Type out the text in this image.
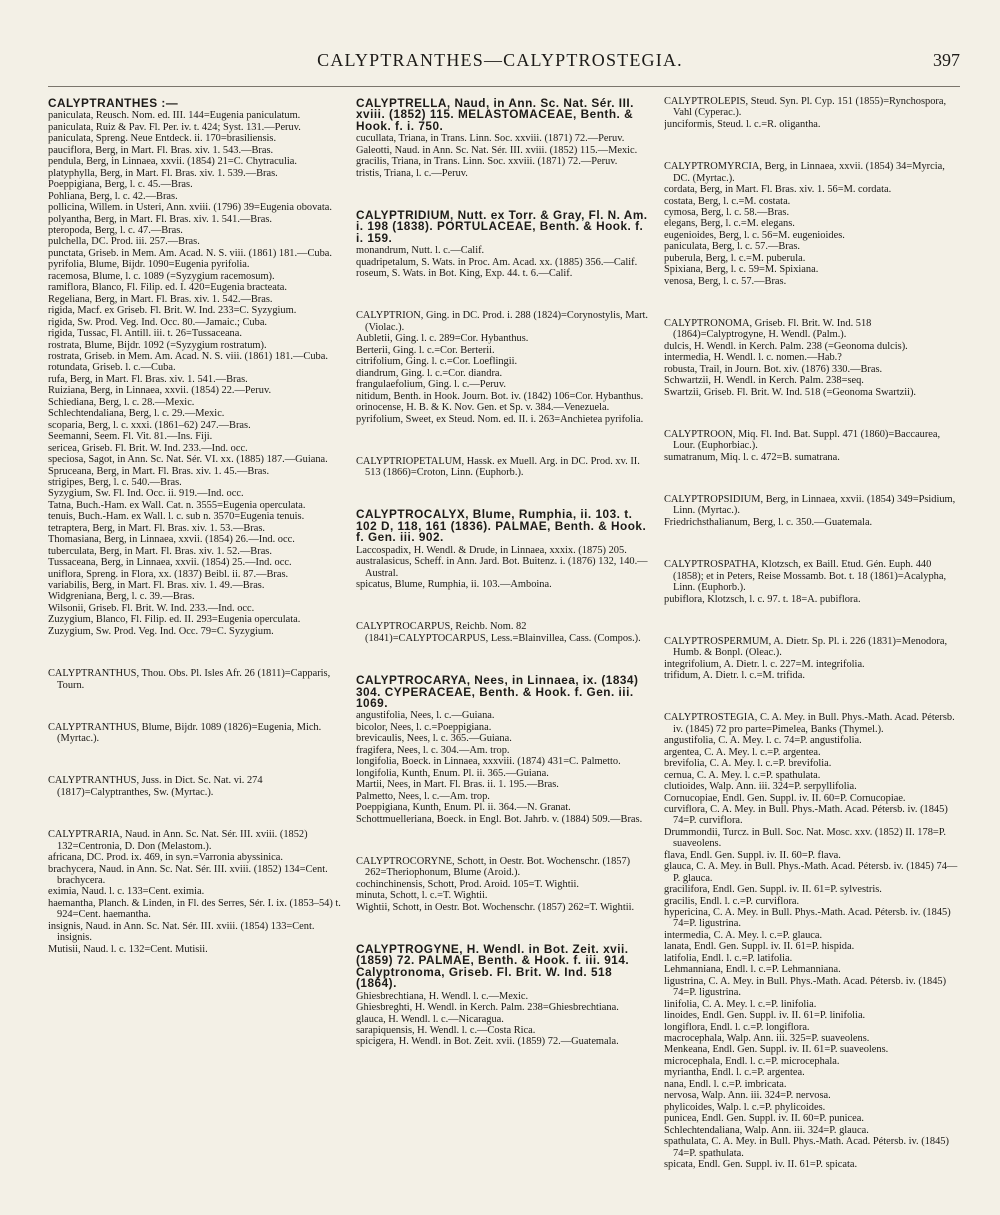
CALYPTRANTHES—CALYPTROSTEGIA.	397

CALYPTRANTHES :—

paniculata, Reusch. Nom. ed. III. 144=Eugenia paniculatum.

paniculata, Ruiz & Pav. Fl. Per. iv. t. 424; Syst. 131.—Peruv.

paniculata, Spreng. Neue Entdeck. ii. 170=brasiliensis.

pauciflora, Berg, in Mart. Fl. Bras. xiv. 1. 543.—Bras.

pendula, Berg, in Linnaea, xxvii. (1854) 21=C. Chytraculia.

platyphylla, Berg, in Mart. Fl. Bras. xiv. 1. 539.—Bras.

Poeppigiana, Berg, l. c. 45.—Bras.

Pohliana, Berg, l. c. 42.—Bras.

pollicina, Willem. in Usteri, Ann. xviii. (1796) 39=Eugenia obovata.

polyantha, Berg, in Mart. Fl. Bras. xiv. 1. 541.—Bras.

pteropoda, Berg, l. c. 47.—Bras.

pulchella, DC. Prod. iii. 257.—Bras.

punctata, Griseb. in Mem. Am. Acad. N. S. viii. (1861) 181.—Cuba.

pyrifolia, Blume, Bijdr. 1090=Eugenia pyrifolia.

racemosa, Blume, l. c. 1089 (=Syzygium racemosum).

ramiflora, Blanco, Fl. Filip. ed. I. 420=Eugenia bracteata.

Regeliana, Berg, in Mart. Fl. Bras. xiv. 1. 542.—Bras.

rigida, Macf. ex Griseb. Fl. Brit. W. Ind. 233=C. Syzygium.

rigida, Sw. Prod. Veg. Ind. Occ. 80.—Jamaic.; Cuba.

rigida, Tussac, Fl. Antill. iii. t. 26=Tussaceana.

rostrata, Blume, Bijdr. 1092 (=Syzygium rostratum).

rostrata, Griseb. in Mem. Am. Acad. N. S. viii. (1861) 181.—Cuba.

rotundata, Griseb. l. c.—Cuba.

rufa, Berg, in Mart. Fl. Bras. xiv. 1. 541.—Bras.

Ruiziana, Berg, in Linnaea, xxvii. (1854) 22.—Peruv.

Schiediana, Berg, l. c. 28.—Mexic.

Schlechtendaliana, Berg, l. c. 29.—Mexic.

scoparia, Berg, l. c. xxxi. (1861–62) 247.—Bras.

Seemanni, Seem. Fl. Vit. 81.—Ins. Fiji.

sericea, Griseb. Fl. Brit. W. Ind. 233.—Ind. occ.

speciosa, Sagot, in Ann. Sc. Nat. Sér. VI. xx. (1885) 187.—Guiana.

Spruceana, Berg, in Mart. Fl. Bras. xiv. 1. 45.—Bras.

strigipes, Berg, l. c. 540.—Bras.

Syzygium, Sw. Fl. Ind. Occ. ii. 919.—Ind. occ.

Tatna, Buch.-Ham. ex Wall. Cat. n. 3555=Eugenia operculata.

tenuis, Buch.-Ham. ex Wall. l. c. sub n. 3570=Eugenia tenuis.

tetraptera, Berg, in Mart. Fl. Bras. xiv. 1. 53.—Bras.

Thomasiana, Berg, in Linnaea, xxvii. (1854) 26.—Ind. occ.

tuberculata, Berg, in Mart. Fl. Bras. xiv. 1. 52.—Bras.

Tussaceana, Berg, in Linnaea, xxvii. (1854) 25.—Ind. occ.

uniflora, Spreng. in Flora, xx. (1837) Beibl. ii. 87.—Bras.

variabilis, Berg, in Mart. Fl. Bras. xiv. 1. 49.—Bras.

Widgreniana, Berg, l. c. 39.—Bras.

Wilsonii, Griseb. Fl. Brit. W. Ind. 233.—Ind. occ.

Zuzygium, Blanco, Fl. Filip. ed. II. 293=Eugenia operculata.

Zuzygium, Sw. Prod. Veg. Ind. Occ. 79=C. Syzygium.

CALYPTRANTHUS, Thou. Obs. Pl. Isles Afr. 26 (1811)=Capparis, Tourn.

CALYPTRANTHUS, Blume, Bijdr. 1089 (1826)=Eugenia, Mich. (Myrtac.).

CALYPTRANTHUS, Juss. in Dict. Sc. Nat. vi. 274 (1817)=Calyptranthes, Sw. (Myrtac.).

CALYPTRARIA, Naud. in Ann. Sc. Nat. Sér. III. xviii. (1852) 132=Centronia, D. Don (Melastom.).

africana, DC. Prod. ix. 469, in syn.=Varronia abyssinica.

brachycera, Naud. in Ann. Sc. Nat. Sér. III. xviii. (1852) 134=Cent. brachycera.

eximia, Naud. l. c. 133=Cent. eximia.

haemantha, Planch. & Linden, in Fl. des Serres, Sér. I. ix. (1853–54) t. 924=Cent. haemantha.

insignis, Naud. in Ann. Sc. Nat. Sér. III. xviii. (1854) 133=Cent. insignis.

Mutisii, Naud. l. c. 132=Cent. Mutisii.

CALYPTRELLA, Naud, in Ann. Sc. Nat. Sér. III. xviii. (1852) 115. MELASTOMACEAE, Benth. & Hook. f. i. 750.

cucullata, Triana, in Trans. Linn. Soc. xxviii. (1871) 72.—Peruv.

Galeotti, Naud. in Ann. Sc. Nat. Sér. III. xviii. (1852) 115.—Mexic.

gracilis, Triana, in Trans. Linn. Soc. xxviii. (1871) 72.—Peruv.

tristis, Triana, l. c.—Peruv.

CALYPTRIDIUM, Nutt. ex Torr. & Gray, Fl. N. Am. i. 198 (1838). PORTULACEAE, Benth. & Hook. f. i. 159.

monandrum, Nutt. l. c.—Calif.

quadripetalum, S. Wats. in Proc. Am. Acad. xx. (1885) 356.—Calif.

roseum, S. Wats. in Bot. King, Exp. 44. t. 6.—Calif.

CALYPTRION, Ging. in DC. Prod. i. 288 (1824)=Corynostylis, Mart. (Violac.).

Aubletii, Ging. l. c. 289=Cor. Hybanthus.

Berterii, Ging. l. c.=Cor. Berterii.

citrifolium, Ging. l. c.=Cor. Loeflingii.

diandrum, Ging. l. c.=Cor. diandra.

frangulaefolium, Ging. l. c.—Peruv.

nitidum, Benth. in Hook. Journ. Bot. iv. (1842) 106=Cor. Hybanthus.

orinocense, H. B. & K. Nov. Gen. et Sp. v. 384.—Venezuela.

pyrifolium, Sweet, ex Steud. Nom. ed. II. i. 263=Anchietea pyrifolia.

CALYPTRIOPETALUM, Hassk. ex Muell. Arg. in DC. Prod. xv. II. 513 (1866)=Croton, Linn. (Euphorb.).

CALYPTROCALYX, Blume, Rumphia, ii. 103. t. 102 D, 118, 161 (1836). PALMAE, Benth. & Hook. f. Gen. iii. 902.

Laccospadix, H. Wendl. & Drude, in Linnaea, xxxix. (1875) 205.

australasicus, Scheff. in Ann. Jard. Bot. Buitenz. i. (1876) 132, 140.—Austral.

spicatus, Blume, Rumphia, ii. 103.—Amboina.

CALYPTROCARPUS, Reichb. Nom. 82 (1841)=CALYPTOCARPUS, Less.=Blainvillea, Cass. (Compos.).

CALYPTROCARYA, Nees, in Linnaea, ix. (1834) 304. CYPERACEAE, Benth. & Hook. f. Gen. iii. 1069.

angustifolia, Nees, l. c.—Guiana.

bicolor, Nees, l. c.=Poeppigiana.

brevicaulis, Nees, l. c. 365.—Guiana.

fragifera, Nees, l. c. 304.—Am. trop.

longifolia, Boeck. in Linnaea, xxxviii. (1874) 431=C. Palmetto.

longifolia, Kunth, Enum. Pl. ii. 365.—Guiana.

Martii, Nees, in Mart. Fl. Bras. ii. 1. 195.—Bras.

Palmetto, Nees, l. c.—Am. trop.

Poeppigiana, Kunth, Enum. Pl. ii. 364.—N. Granat.

Schottmuelleriana, Boeck. in Engl. Bot. Jahrb. v. (1884) 509.—Bras.

CALYPTROCORYNE, Schott, in Oestr. Bot. Wochenschr. (1857) 262=Theriophonum, Blume (Aroid.).

cochinchinensis, Schott, Prod. Aroid. 105=T. Wightii.

minuta, Schott, l. c.=T. Wightii.

Wightii, Schott, in Oestr. Bot. Wochenschr. (1857) 262=T. Wightii.

CALYPTROGYNE, H. Wendl. in Bot. Zeit. xvii. (1859) 72. PALMAE, Benth. & Hook. f. iii. 914. Calyptronoma, Griseb. Fl. Brit. W. Ind. 518 (1864).

Ghiesbrechtiana, H. Wendl. l. c.—Mexic.

Ghiesbreghti, H. Wendl. in Kerch. Palm. 238=Ghiesbrechtiana.

glauca, H. Wendl. l. c.—Nicaragua.

sarapiquensis, H. Wendl. l. c.—Costa Rica.

spicigera, H. Wendl. in Bot. Zeit. xvii. (1859) 72.—Guatemala.

CALYPTROLEPIS, Steud. Syn. Pl. Cyp. 151 (1855)=Rynchospora, Vahl (Cyperac.).

junciformis, Steud. l. c.=R. oligantha.

CALYPTROMYRCIA, Berg, in Linnaea, xxvii. (1854) 34=Myrcia, DC. (Myrtac.).

cordata, Berg, in Mart. Fl. Bras. xiv. 1. 56=M. cordata.

costata, Berg, l. c.=M. costata.

cymosa, Berg, l. c. 58.—Bras.

elegans, Berg, l. c.=M. elegans.

eugenioides, Berg, l. c. 56=M. eugenioides.

paniculata, Berg, l. c. 57.—Bras.

puberula, Berg, l. c.=M. puberula.

Spixiana, Berg, l. c. 59=M. Spixiana.

venosa, Berg, l. c. 57.—Bras.

CALYPTRONOMA, Griseb. Fl. Brit. W. Ind. 518 (1864)=Calyptrogyne, H. Wendl. (Palm.).

dulcis, H. Wendl. in Kerch. Palm. 238 (=Geonoma dulcis).

intermedia, H. Wendl. l. c. nomen.—Hab.?

robusta, Trail, in Journ. Bot. xiv. (1876) 330.—Bras.

Schwartzii, H. Wendl. in Kerch. Palm. 238=seq.

Swartzii, Griseb. Fl. Brit. W. Ind. 518 (=Geonoma Swartzii).

CALYPTROON, Miq. Fl. Ind. Bat. Suppl. 471 (1860)=Baccaurea, Lour. (Euphorbiac.).

sumatranum, Miq. l. c. 472=B. sumatrana.

CALYPTROPSIDIUM, Berg, in Linnaea, xxvii. (1854) 349=Psidium, Linn. (Myrtac.).

Friedrichsthalianum, Berg, l. c. 350.—Guatemala.

CALYPTROSPATHA, Klotzsch, ex Baill. Etud. Gén. Euph. 440 (1858); et in Peters, Reise Mossamb. Bot. t. 18 (1861)=Acalypha, Linn. (Euphorb.).

pubiflora, Klotzsch, l. c. 97. t. 18=A. pubiflora.

CALYPTROSPERMUM, A. Dietr. Sp. Pl. i. 226 (1831)=Menodora, Humb. & Bonpl. (Oleac.).

integrifolium, A. Dietr. l. c. 227=M. integrifolia.

trifidum, A. Dietr. l. c.=M. trifida.

CALYPTROSTEGIA, C. A. Mey. in Bull. Phys.-Math. Acad. Pétersb. iv. (1845) 72 pro parte=Pimelea, Banks (Thymel.).

angustifolia, C. A. Mey. l. c. 74=P. angustifolia.

argentea, C. A. Mey. l. c.=P. argentea.

brevifolia, C. A. Mey. l. c.=P. brevifolia.

cernua, C. A. Mey. l. c.=P. spathulata.

clutioides, Walp. Ann. iii. 324=P. serpyllifolia.

Cornucopiae, Endl. Gen. Suppl. iv. II. 60=P. Cornucopiae.

curviflora, C. A. Mey. in Bull. Phys.-Math. Acad. Pétersb. iv. (1845) 74=P. curviflora.

Drummondii, Turcz. in Bull. Soc. Nat. Mosc. xxv. (1852) II. 178=P. suaveolens.

flava, Endl. Gen. Suppl. iv. II. 60=P. flava.

glauca, C. A. Mey. in Bull. Phys.-Math. Acad. Pétersb. iv. (1845) 74—P. glauca.

gracilifora, Endl. Gen. Suppl. iv. II. 61=P. sylvestris.

gracilis, Endl. l. c.=P. curviflora.

hypericina, C. A. Mey. in Bull. Phys.-Math. Acad. Pétersb. iv. (1845) 74=P. ligustrina.

intermedia, C. A. Mey. l. c.=P. glauca.

lanata, Endl. Gen. Suppl. iv. II. 61=P. hispida.

latifolia, Endl. l. c.=P. latifolia.

Lehmanniana, Endl. l. c.=P. Lehmanniana.

ligustrina, C. A. Mey. in Bull. Phys.-Math. Acad. Pétersb. iv. (1845) 74=P. ligustrina.

linifolia, C. A. Mey. l. c.=P. linifolia.

linoides, Endl. Gen. Suppl. iv. II. 61=P. linifolia.

longiflora, Endl. l. c.=P. longiflora.

macrocephala, Walp. Ann. iii. 325=P. suaveolens.

Menkeana, Endl. Gen. Suppl. iv. II. 61=P. suaveolens.

microcephala, Endl. l. c.=P. microcephala.

myriantha, Endl. l. c.=P. argentea.

nana, Endl. l. c.=P. imbricata.

nervosa, Walp. Ann. iii. 324=P. nervosa.

phylicoides, Walp. l. c.=P. phylicoides.

punicea, Endl. Gen. Suppl. iv. II. 60=P. punicea.

Schlechtendaliana, Walp. Ann. iii. 324=P. glauca.

spathulata, C. A. Mey. in Bull. Phys.-Math. Acad. Pétersb. iv. (1845) 74=P. spathulata.

spicata, Endl. Gen. Suppl. iv. II. 61=P. spicata.
